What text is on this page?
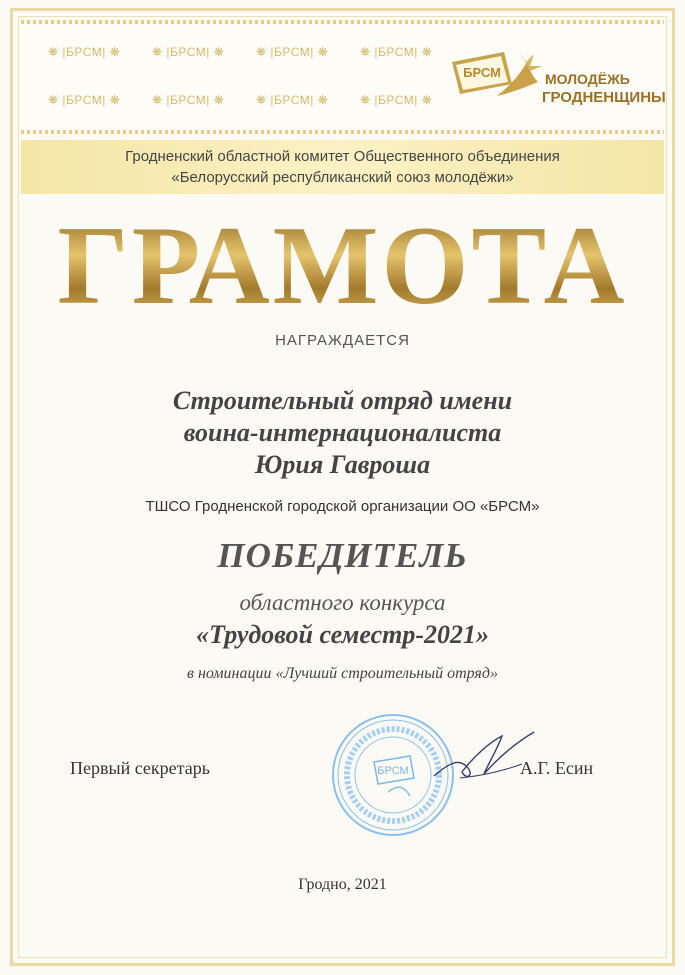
❋ |БРСМ| ❋	❋ |БРСМ| ❋	❋ |БРСМ| ❋	❋ |БРСМ| ❋
❋ |БРСМ| ❋	❋ |БРСМ| ❋	❋ |БРСМ| ❋	❋ |БРСМ| ❋
БРСМ	МОЛОДЁЖЬ
ГРОДНЕНЩИНЫ
Гродненский областной комитет Общественного объединения
«Белорусский республиканский союз молодёжи»
ГРАМОТА
НАГРАЖДАЕТСЯ
Строительный отряд имени
воина-интернационалиста
Юрия Гавроша
ТШСО Гродненской городской организации ОО «БРСМ»
ПОБЕДИТЕЛЬ
областного конкурса
«Трудовой семестр-2021»
в номинации «Лучший строительный отряд»
БРСМ
Первый секретарь	А.Г. Есин
Гродно, 2021
